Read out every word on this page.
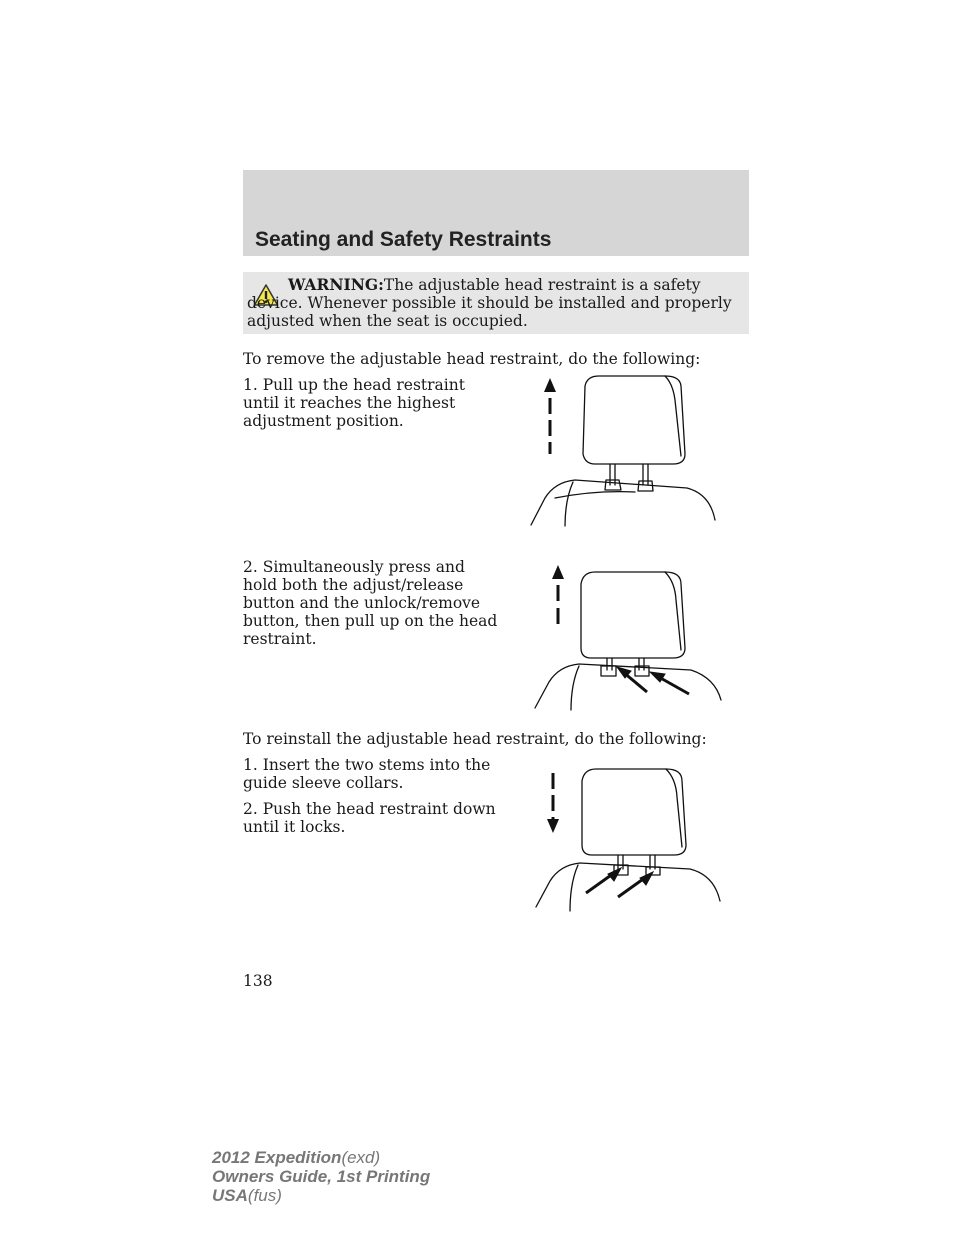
Seating and Safety Restraints
WARNING:The adjustable head restraint is a safety device. Whenever possible it should be installed and properly adjusted when the seat is occupied.

To remove the adjustable head restraint, do the following:

1. Pull up the head restraint until it reaches the highest adjustment position.

2. Simultaneously press and hold both the adjust/release button and the unlock/remove button, then pull up on the head restraint.

To reinstall the adjustable head restraint, do the following:

1. Insert the two stems into the guide sleeve collars.

2. Push the head restraint down until it locks.

138
2012 Expedition(exd)
Owners Guide, 1st Printing
USA(fus)
